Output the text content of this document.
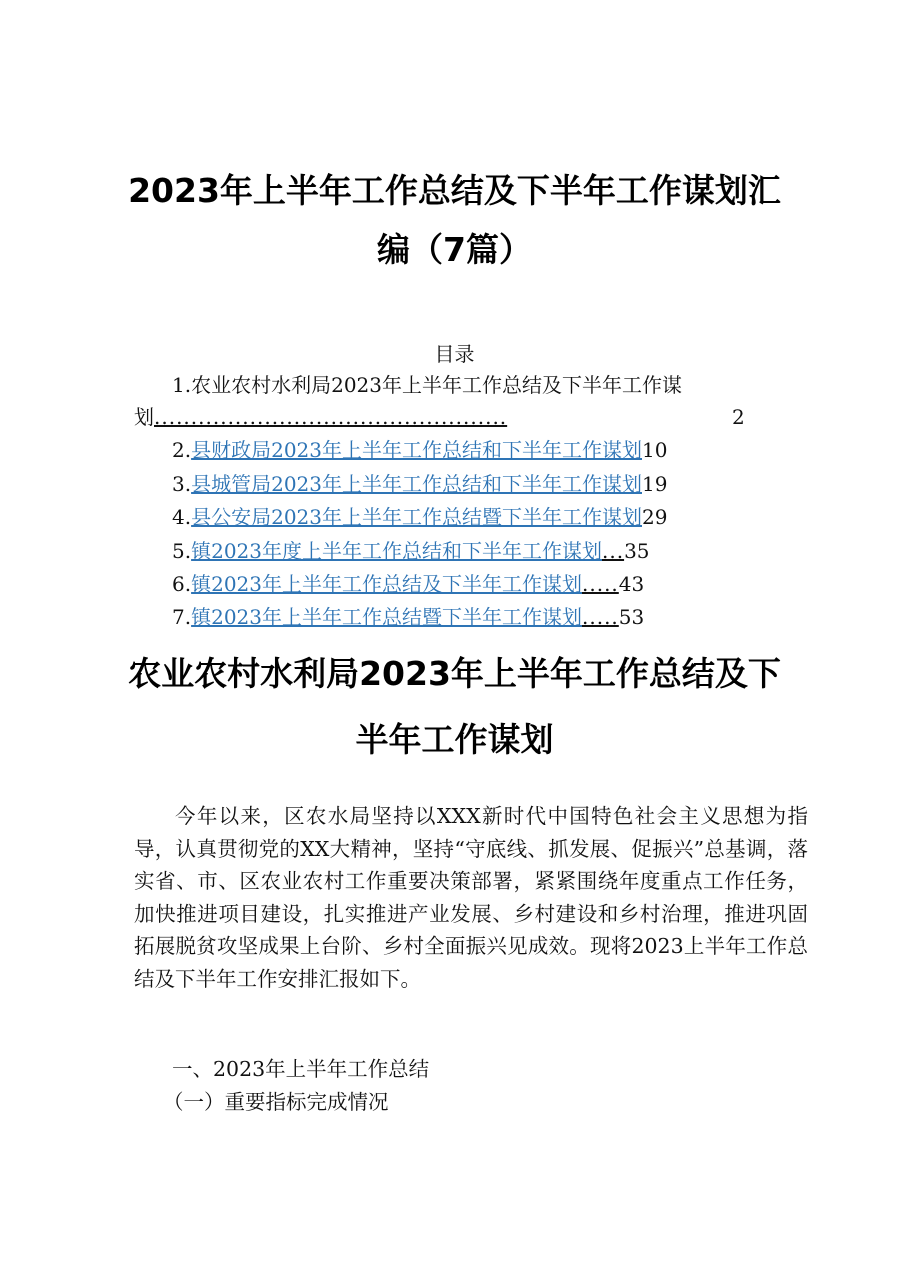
2023年上半年工作总结及下半年工作谋划汇
编（7篇）
目录
1.农业农村水利局2023年上半年工作总结及下半年工作谋
划................................................	2
2.县财政局2023年上半年工作总结和下半年工作谋划10
3.县城管局2023年上半年工作总结和下半年工作谋划19
4.县公安局2023年上半年工作总结暨下半年工作谋划29
5.镇2023年度上半年工作总结和下半年工作谋划...35
6.镇2023年上半年工作总结及下半年工作谋划.....43
7.镇2023年上半年工作总结暨下半年工作谋划.....53
农业农村水利局2023年上半年工作总结及下
半年工作谋划

今年以来，区农水局坚持以XXX新时代中国特色社会主义思想为指导，认真贯彻党的XX大精神，坚持“守底线、抓发展、促振兴”总基调，落实省、市、区农业农村工作重要决策部署，紧紧围绕年度重点工作任务，加快推进项目建设，扎实推进产业发展、乡村建设和乡村治理，推进巩固拓展脱贫攻坚成果上台阶、乡村全面振兴见成效。现将2023上半年工作总结及下半年工作安排汇报如下。

一、2023年上半年工作总结
（一）重要指标完成情况
